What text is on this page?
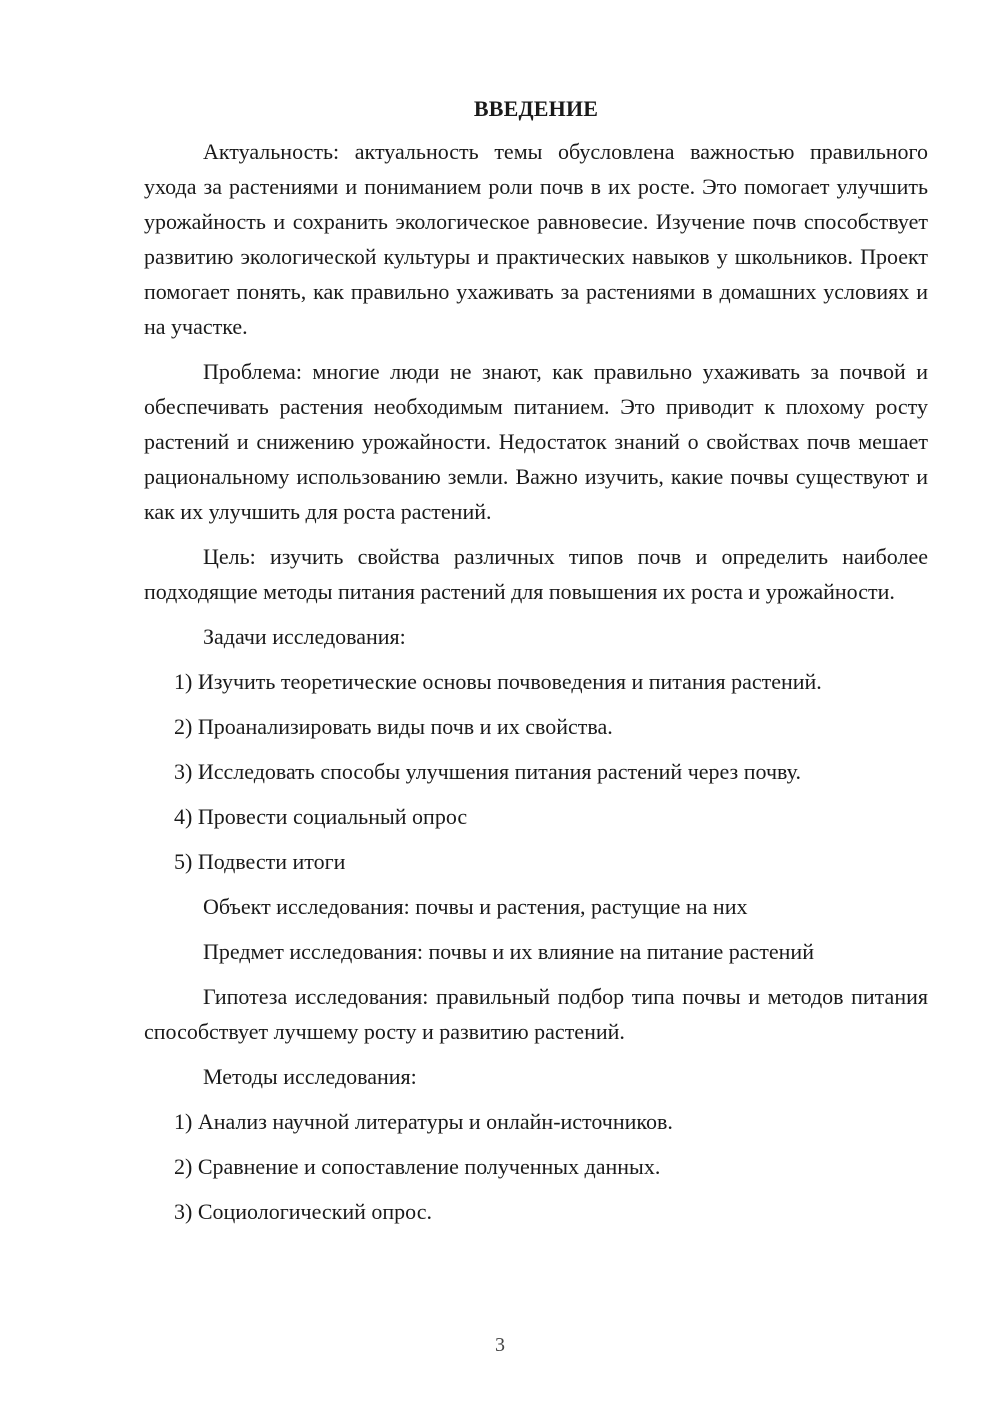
ВВЕДЕНИЕ

Актуальность: актуальность темы обусловлена важностью правильного ухода за растениями и пониманием роли почв в их росте. Это помогает улучшить урожайность и сохранить экологическое равновесие. Изучение почв способствует развитию экологической культуры и практических навыков у школьников. Проект помогает понять, как правильно ухаживать за растениями в домашних условиях и на участке.

Проблема: многие люди не знают, как правильно ухаживать за почвой и обеспечивать растения необходимым питанием. Это приводит к плохому росту растений и снижению урожайности. Недостаток знаний о свойствах почв мешает рациональному использованию земли. Важно изучить, какие почвы существуют и как их улучшить для роста растений.

Цель: изучить свойства различных типов почв и определить наиболее подходящие методы питания растений для повышения их роста и урожайности.

Задачи исследования:
1) Изучить теоретические основы почвоведения и питания растений.
2) Проанализировать виды почв и их свойства.
3) Исследовать способы улучшения питания растений через почву.
4) Провести социальный опрос
5) Подвести итоги
Объект исследования: почвы и растения, растущие на них
Предмет исследования: почвы и их влияние на питание растений

Гипотеза исследования: правильный подбор типа почвы и методов питания способствует лучшему росту и развитию растений.

Методы исследования:
1) Анализ научной литературы и онлайн-источников.
2) Сравнение и сопоставление полученных данных.
3) Социологический опрос.
3
